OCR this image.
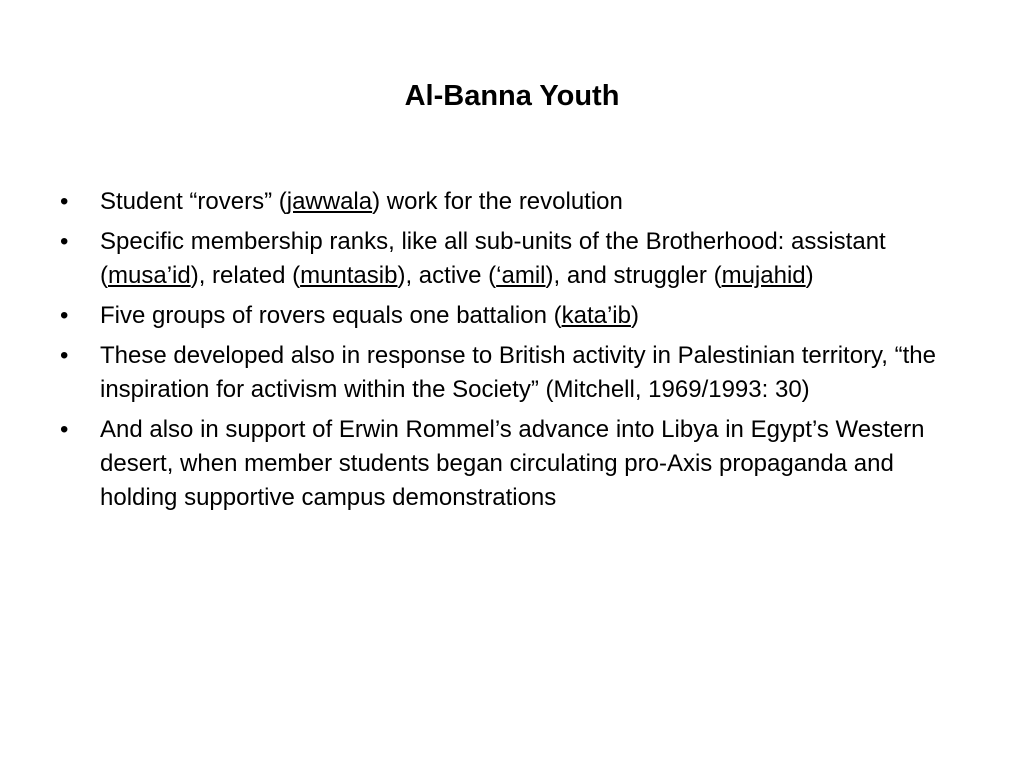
Al-Banna Youth
•	Student “rovers” (jawwala) work for the revolution
•	Specific membership ranks, like all sub-units of the Brotherhood: assistant (musa’id), related (muntasib), active (‘amil), and struggler (mujahid)
•	Five groups of rovers equals one battalion (kata’ib)
•	These developed also in response to British activity in Palestinian territory, “the inspiration for activism within the Society” (Mitchell, 1969/1993: 30)
•	And also in support of Erwin Rommel’s advance into Libya in Egypt’s Western desert, when member students began circulating pro-Axis propaganda and holding supportive campus demonstrations
